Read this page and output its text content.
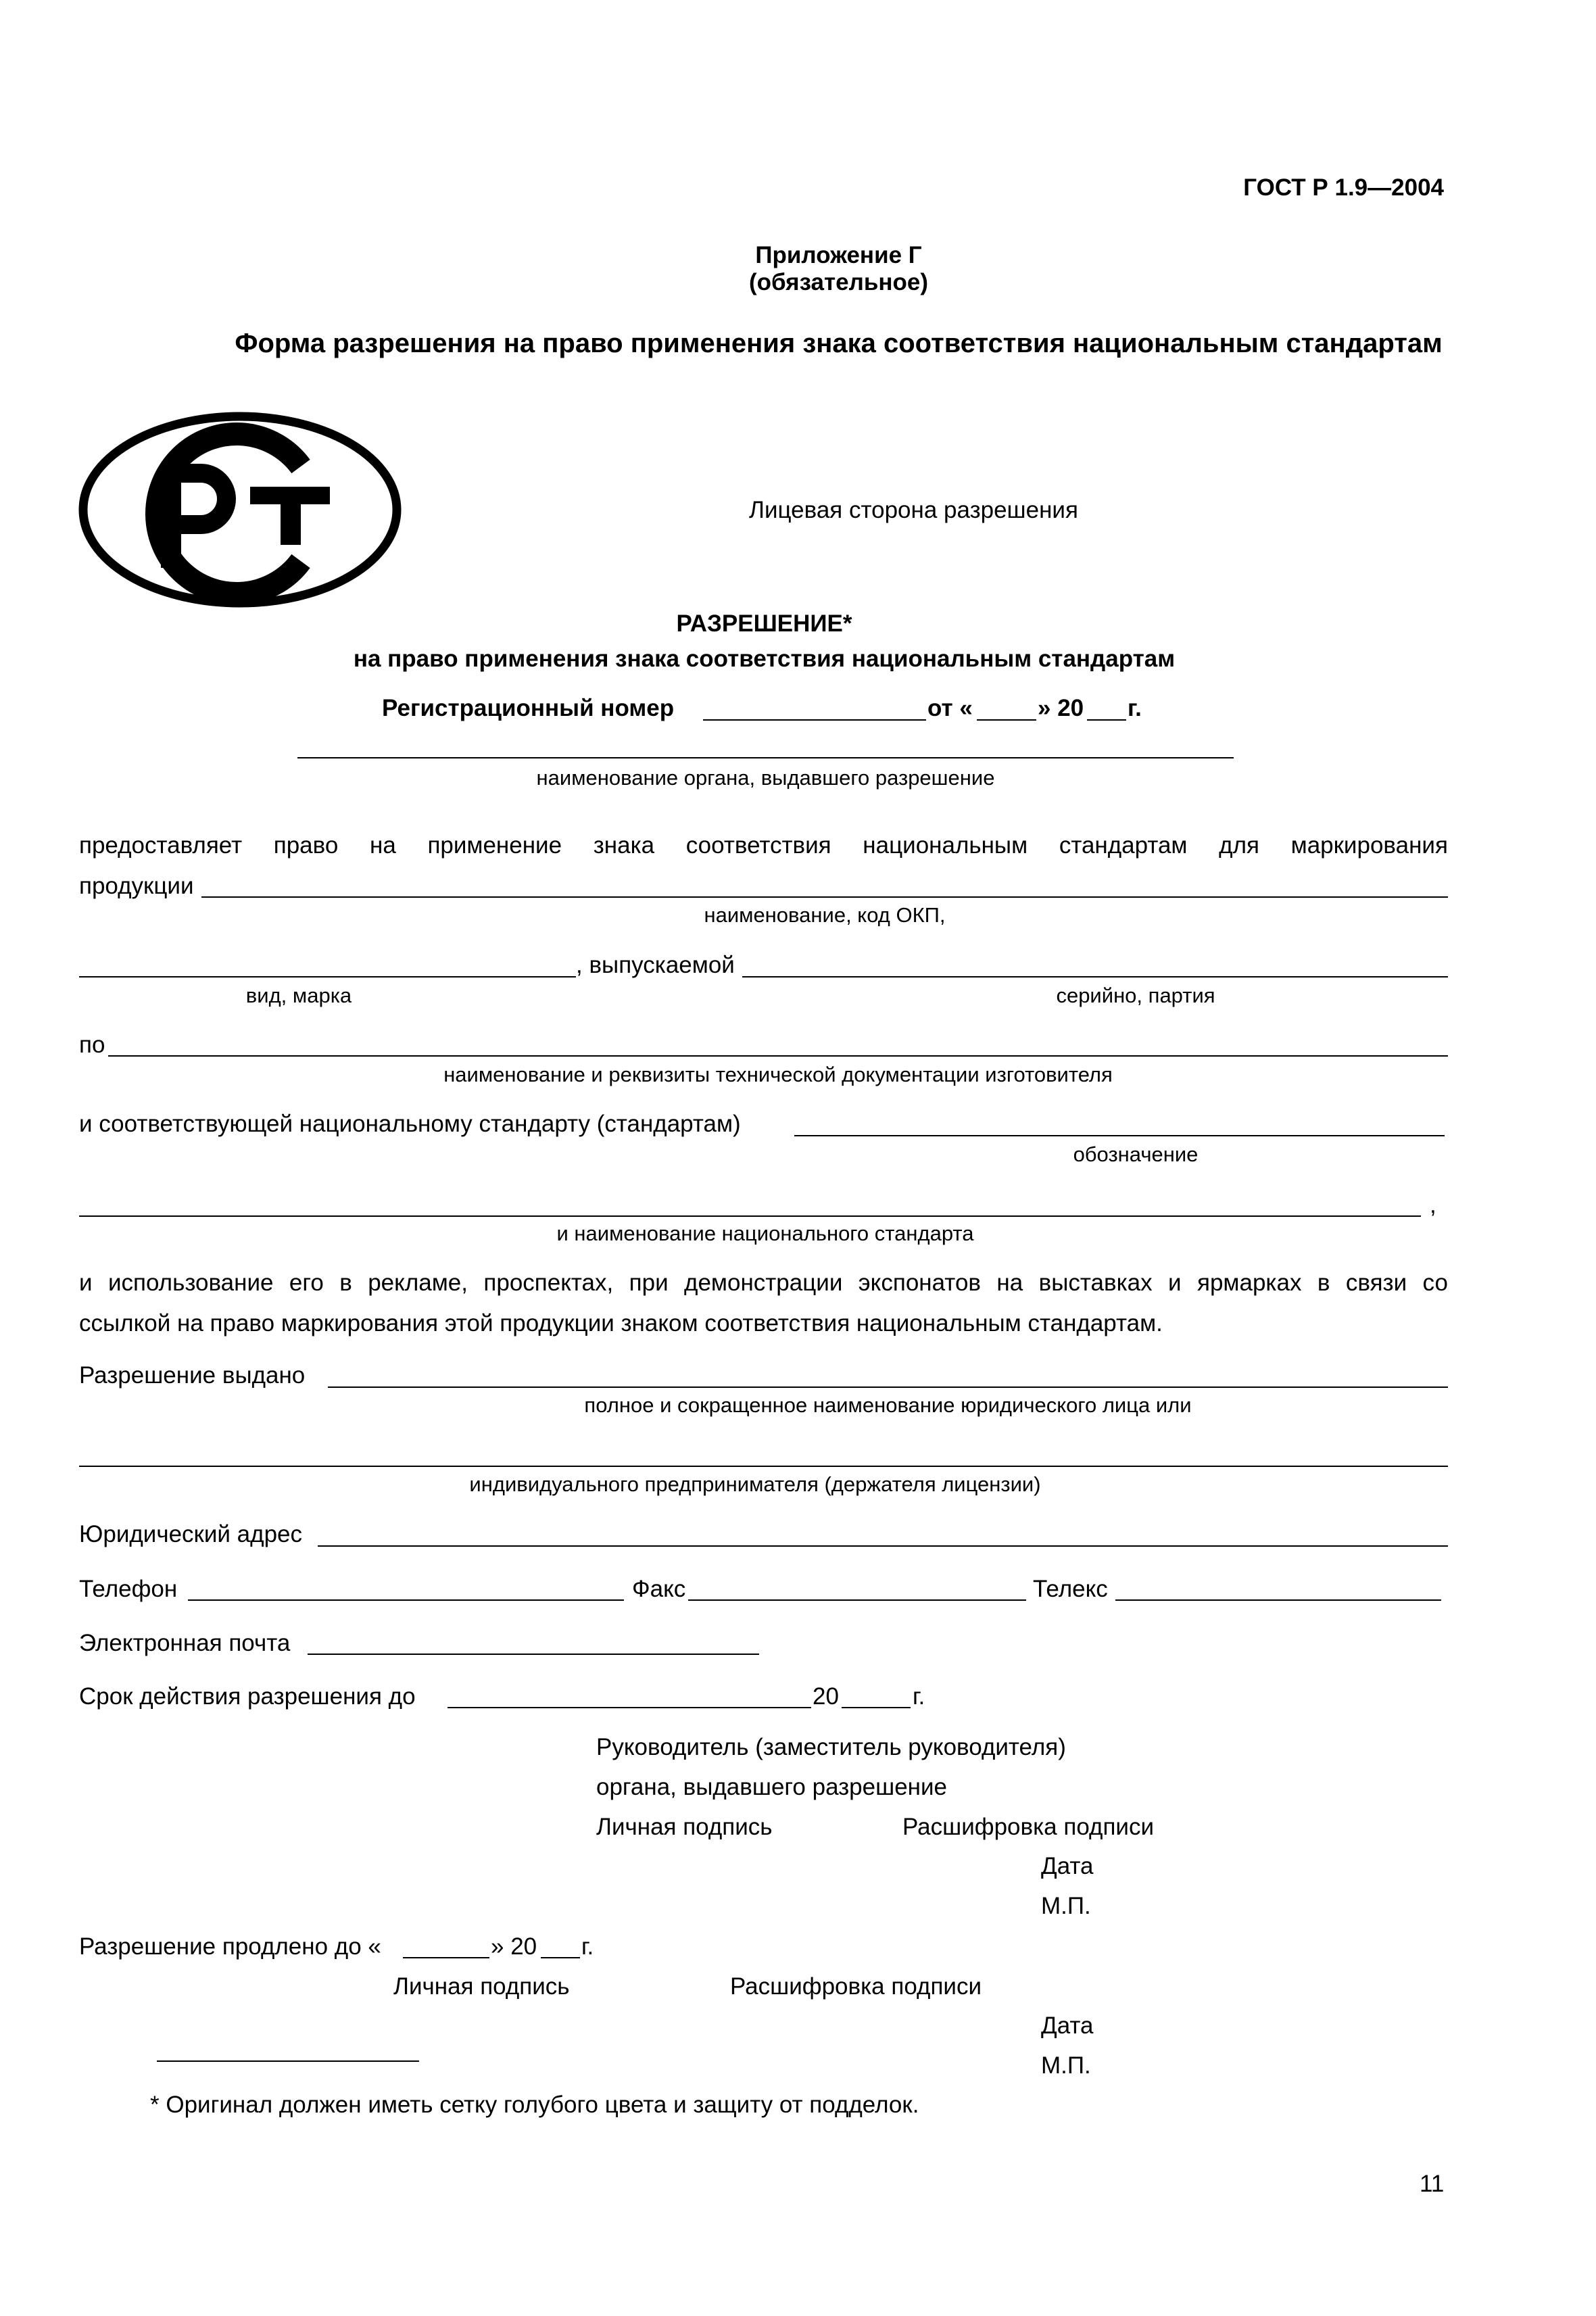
ГОСТ Р 1.9—2004
Приложение Г
(обязательное)
Форма разрешения на право применения знака соответствия национальным стандартам
Лицевая сторона разрешения
РАЗРЕШЕНИЕ*
на право применения знака соответствия национальным стандартам
Регистрационный номер	от «	» 20 г.
наименование органа, выдавшего разрешение
предоставляет право на применение знака соответствия национальным стандартам для маркирования
продукции
наименование, код ОКП,
, выпускаемой
вид, марка	серийно, партия
по
наименование и реквизиты технической документации изготовителя
и соответствующей национальному стандарту (стандартам)
обозначение
,
и наименование национального стандарта
и использование его в рекламе, проспектах, при демонстрации экспонатов на выставках и ярмарках в связи со
ссылкой на право маркирования этой продукции знаком соответствия национальным стандартам.
Разрешение выдано
полное и сокращенное наименование юридического лица или
индивидуального предпринимателя (держателя лицензии)
Юридический адрес
Телефон	Факс	Телекс
Электронная почта
Срок действия разрешения до	20	г.
Руководитель (заместитель руководителя)
органа, выдавшего разрешение
Личная подпись	Расшифровка подписи
Дата
М.П.
Разрешение продлено до «	» 20 г.
Личная подпись	Расшифровка подписи
Дата
М.П.
* Оригинал должен иметь сетку голубого цвета и защиту от подделок.
11
